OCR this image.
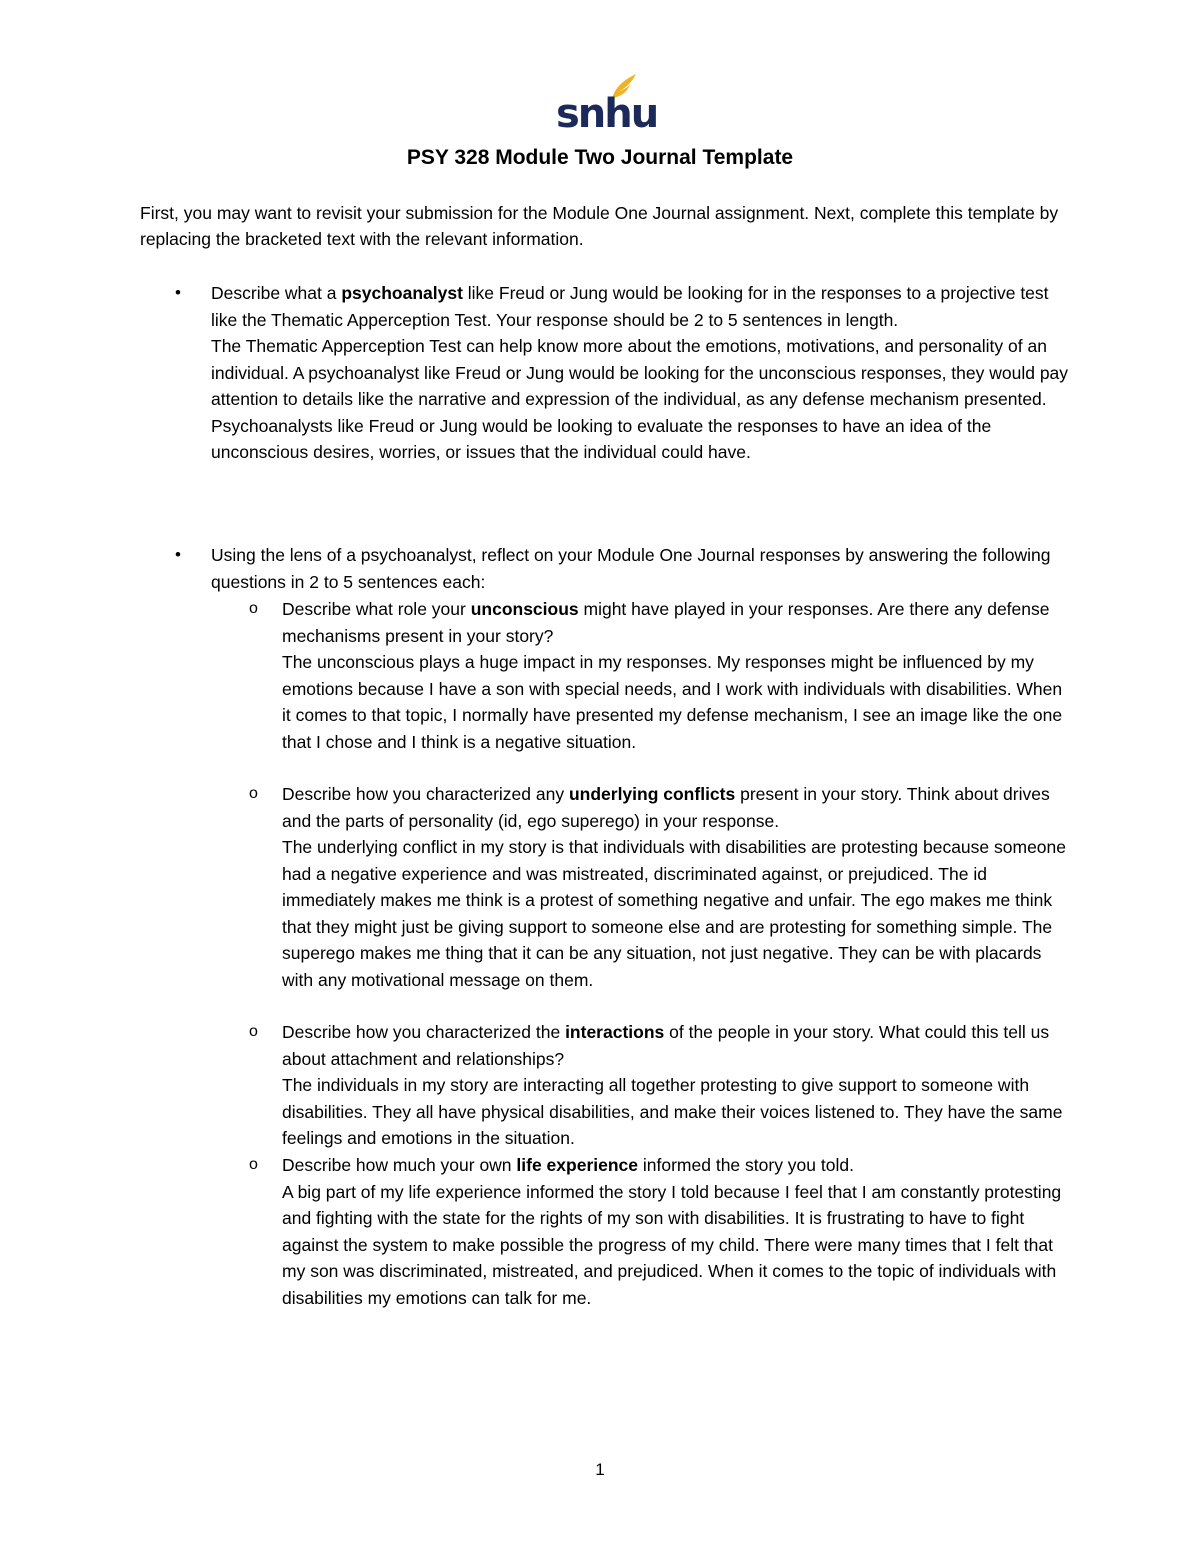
snhu
PSY 328 Module Two Journal Template
First, you may want to revisit your submission for the Module One Journal assignment. Next, complete this template by replacing the bracketed text with the relevant information.
• Describe what a psychoanalyst like Freud or Jung would be looking for in the responses to a projective test like the Thematic Apperception Test. Your response should be 2 to 5 sentences in length.
The Thematic Apperception Test can help know more about the emotions, motivations, and personality of an individual. A psychoanalyst like Freud or Jung would be looking for the unconscious responses, they would pay attention to details like the narrative and expression of the individual, as any defense mechanism presented. Psychoanalysts like Freud or Jung would be looking to evaluate the responses to have an idea of the unconscious desires, worries, or issues that the individual could have.
• Using the lens of a psychoanalyst, reflect on your Module One Journal responses by answering the following questions in 2 to 5 sentences each:
o Describe what role your unconscious might have played in your responses. Are there any defense mechanisms present in your story?
The unconscious plays a huge impact in my responses. My responses might be influenced by my emotions because I have a son with special needs, and I work with individuals with disabilities. When it comes to that topic, I normally have presented my defense mechanism, I see an image like the one that I chose and I think is a negative situation.
o Describe how you characterized any underlying conflicts present in your story. Think about drives and the parts of personality (id, ego superego) in your response.
The underlying conflict in my story is that individuals with disabilities are protesting because someone had a negative experience and was mistreated, discriminated against, or prejudiced. The id immediately makes me think is a protest of something negative and unfair. The ego makes me think that they might just be giving support to someone else and are protesting for something simple. The superego makes me thing that it can be any situation, not just negative. They can be with placards with any motivational message on them.
o Describe how you characterized the interactions of the people in your story. What could this tell us about attachment and relationships?
The individuals in my story are interacting all together protesting to give support to someone with disabilities. They all have physical disabilities, and make their voices listened to. They have the same feelings and emotions in the situation.
o Describe how much your own life experience informed the story you told.
A big part of my life experience informed the story I told because I feel that I am constantly protesting and fighting with the state for the rights of my son with disabilities. It is frustrating to have to fight against the system to make possible the progress of my child. There were many times that I felt that my son was discriminated, mistreated, and prejudiced. When it comes to the topic of individuals with disabilities my emotions can talk for me.
1
